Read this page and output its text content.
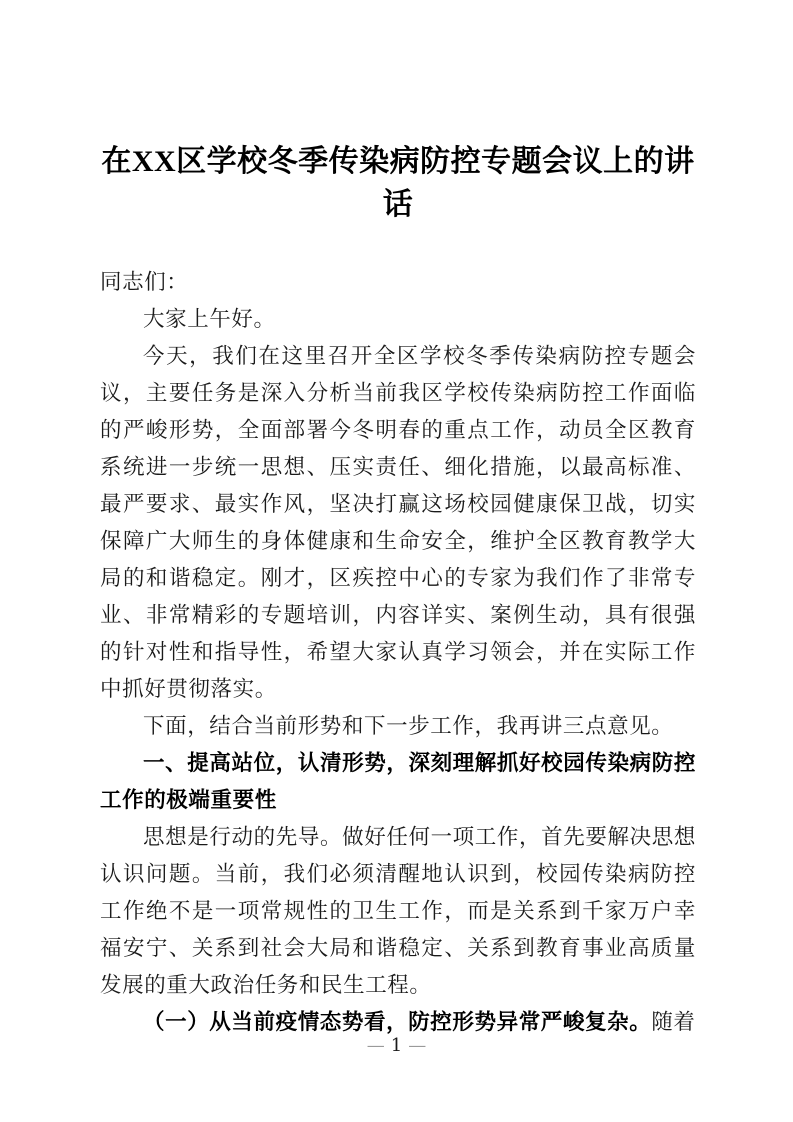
在XX区学校冬季传染病防控专题会议上的讲话

同志们：

大家上午好。

今天，我们在这里召开全区学校冬季传染病防控专题会议，主要任务是深入分析当前我区学校传染病防控工作面临的严峻形势，全面部署今冬明春的重点工作，动员全区教育系统进一步统一思想、压实责任、细化措施，以最高标准、最严要求、最实作风，坚决打赢这场校园健康保卫战，切实保障广大师生的身体健康和生命安全，维护全区教育教学大局的和谐稳定。刚才，区疾控中心的专家为我们作了非常专业、非常精彩的专题培训，内容详实、案例生动，具有很强的针对性和指导性，希望大家认真学习领会，并在实际工作中抓好贯彻落实。

下面，结合当前形势和下一步工作，我再讲三点意见。

一、提高站位，认清形势，深刻理解抓好校园传染病防控工作的极端重要性

思想是行动的先导。做好任何一项工作，首先要解决思想认识问题。当前，我们必须清醒地认识到，校园传染病防控工作绝不是一项常规性的卫生工作，而是关系到千家万户幸福安宁、关系到社会大局和谐稳定、关系到教育事业高质量发展的重大政治任务和民生工程。

（一）从当前疫情态势看，防控形势异常严峻复杂。随着

— 1 —
